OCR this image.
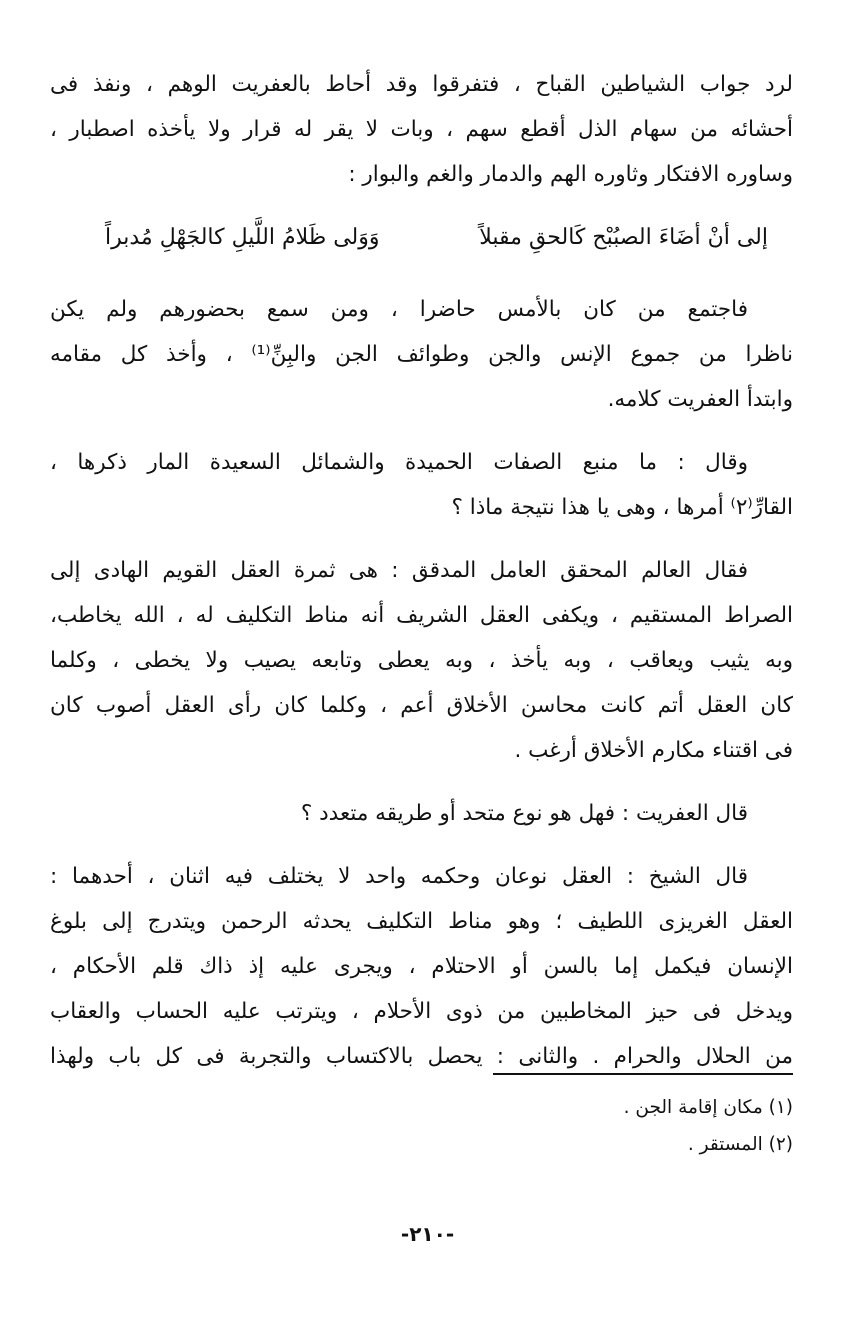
لرد جواب الشياطين القباح ، فتفرقوا وقد أحاط بالعفريت الوهم ، ونفذ فى
أحشائه من سهام الذل أقطع سهم ، وبات لا يقر له قرار ولا يأخذه اصطبار ،
وساوره الافتكار وثاوره الهم والدمار والغم والبوار :
إلى أنْ أضَاءَ الصبُبْح كَالحقِ مقبلاً
وَوَلى ظَلامُ اللَّيلِ كالجَهْلِ مُدبراً
فاجتمع من كان بالأمس حاضرا ، ومن سمع بحضورهم ولم يكن
ناظرا من جموع الإنس والجن وطوائف الجن والبِنِّ⁽¹⁾ ، وأخذ كل مقامه
وابتدأ العفريت كلامه.
وقال : ما منبع الصفات الحميدة والشمائل السعيدة المار ذكرها ،
القارِّ⁽٢⁾ أمرها ، وهى يا هذا نتيجة ماذا ؟
فقال العالم المحقق العامل المدقق : هى ثمرة العقل القويم الهادى إلى
الصراط المستقيم ، ويكفى العقل الشريف أنه مناط التكليف له ، الله يخاطب،
وبه يثيب ويعاقب ، وبه يأخذ ، وبه يعطى وتابعه يصيب ولا يخطى ، وكلما
كان العقل أتم كانت محاسن الأخلاق أعم ، وكلما كان رأى العقل أصوب كان
فى اقتناء مكارم الأخلاق أرغب .
قال العفريت : فهل هو نوع متحد أو طريقه متعدد ؟
قال الشيخ : العقل نوعان وحكمه واحد لا يختلف فيه اثنان ، أحدهما :
العقل الغريزى اللطيف ؛ وهو مناط التكليف يحدثه الرحمن ويتدرج إلى بلوغ
الإنسان فيكمل إما بالسن أو الاحتلام ، ويجرى عليه إذ ذاك قلم الأحكام ،
ويدخل فى حيز المخاطبين من ذوى الأحلام ، ويترتب عليه الحساب والعقاب
من الحلال والحرام . والثانى : يحصل بالاكتساب والتجربة فى كل باب ولهذا
(١) مكان إقامة الجن .
(٢) المستقر .
-٢١٠-
